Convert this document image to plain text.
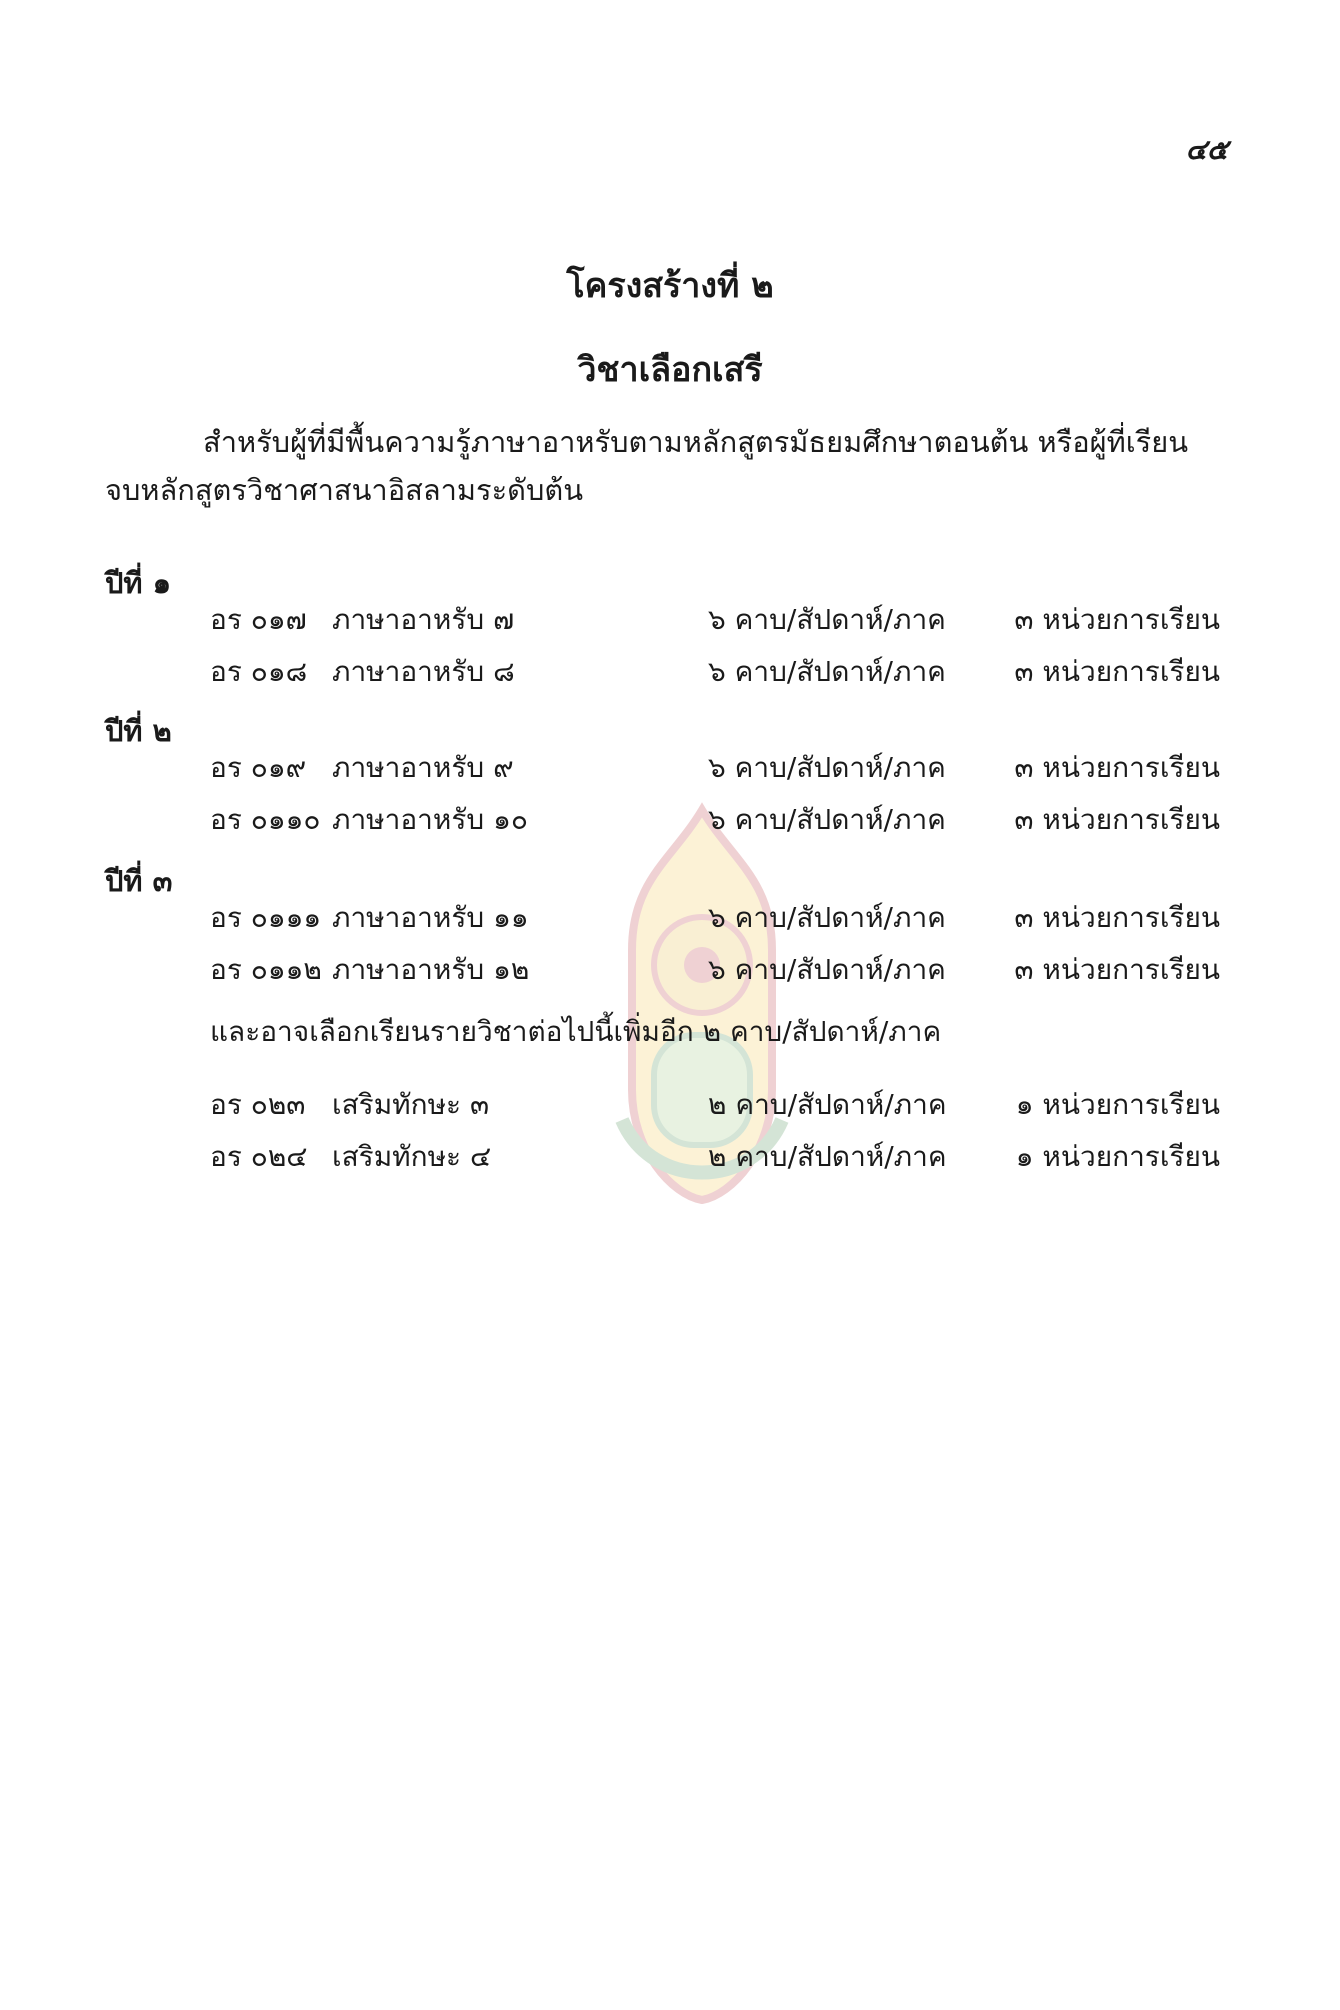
๔๕
โครงสร้างที่ ๒
วิชาเลือกเสรี
สำหรับผู้ที่มีพื้นความรู้ภาษาอาหรับตามหลักสูตรมัธยมศึกษาตอนต้น หรือผู้ที่เรียน
จบหลักสูตรวิชาศาสนาอิสลามระดับต้น
ปีที่ ๑
อร ๐๑๗ ภาษาอาหรับ ๗	๖ คาบ/สัปดาห์/ภาค ๓ หน่วยการเรียน
อร ๐๑๘ ภาษาอาหรับ ๘	๖ คาบ/สัปดาห์/ภาค ๓ หน่วยการเรียน
ปีที่ ๒
อร ๐๑๙ ภาษาอาหรับ ๙	๖ คาบ/สัปดาห์/ภาค ๓ หน่วยการเรียน
อร ๐๑๑๐ ภาษาอาหรับ ๑๐	๖ คาบ/สัปดาห์/ภาค ๓ หน่วยการเรียน
ปีที่ ๓
อร ๐๑๑๑ ภาษาอาหรับ ๑๑	๖ คาบ/สัปดาห์/ภาค ๓ หน่วยการเรียน
อร ๐๑๑๒ ภาษาอาหรับ ๑๒	๖ คาบ/สัปดาห์/ภาค ๓ หน่วยการเรียน
และอาจเลือกเรียนรายวิชาต่อไปนี้เพิ่มอีก ๒ คาบ/สัปดาห์/ภาค
อร ๐๒๓ เสริมทักษะ ๓	๒ คาบ/สัปดาห์/ภาค ๑ หน่วยการเรียน
อร ๐๒๔ เสริมทักษะ ๔	๒ คาบ/สัปดาห์/ภาค ๑ หน่วยการเรียน
